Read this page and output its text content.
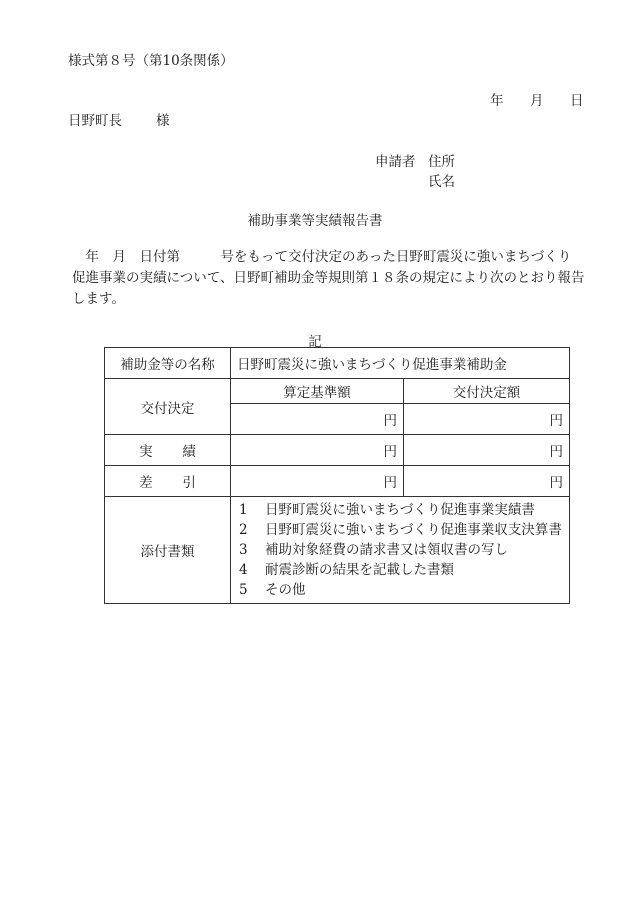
様式第８号（第10条関係）
年 月 日
日野町長	様
申請者 住所
氏名
補助事業等実績報告書

　年　月　日付第　　　号をもって交付決定のあった日野町震災に強いまちづくり

促進事業の実績について、日野町補助金等規則第１８条の規定により次のとおり報告

します。

記
補助金等の名称	日野町震災に強いまちづくり促進事業補助金	
交付決定	算定基準額	交付決定額
	円	円
実績	円	円
差引	円	円
添付書類	1 日野町震災に強いまちづくり促進事業実績書
2 日野町震災に強いまちづくり促進事業収支決算書
3 補助対象経費の請求書又は領収書の写し
4 耐震診断の結果を記載した書類
5 その他	
